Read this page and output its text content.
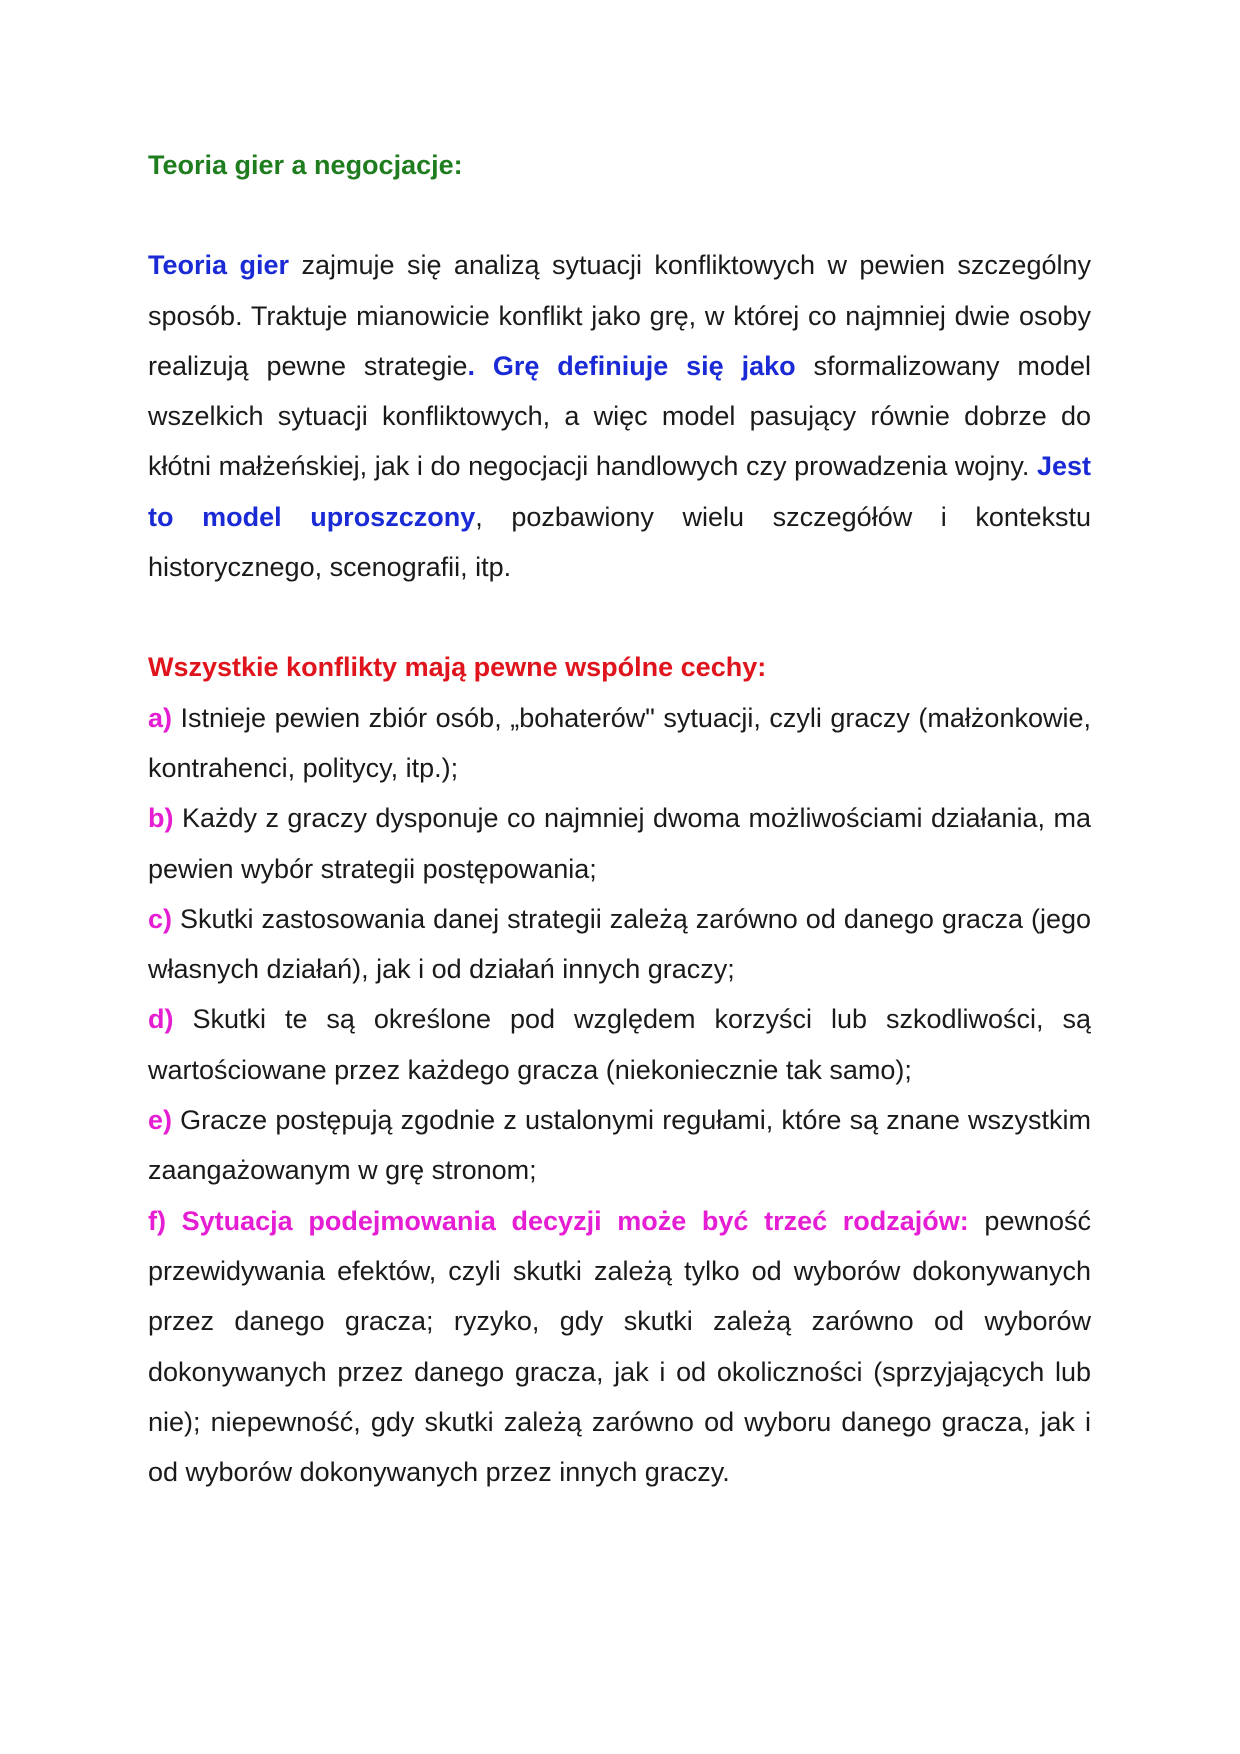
Teoria gier a negocjacje:

Teoria gier zajmuje się analizą sytuacji konfliktowych w pewien szczególny sposób. Traktuje mianowicie konflikt jako grę, w której co najmniej dwie osoby realizują pewne strategie. Grę definiuje się jako sformalizowany model wszelkich sytuacji konfliktowych, a więc model pasujący równie dobrze do kłótni małżeńskiej, jak i do negocjacji handlowych czy prowadzenia wojny. Jest to model uproszczony, pozbawiony wielu szczegółów i kontekstu historycznego, scenografii, itp.

Wszystkie konflikty mają pewne wspólne cechy:

a) Istnieje pewien zbiór osób, „bohaterów" sytuacji, czyli graczy (małżonkowie, kontrahenci, politycy, itp.);

b) Każdy z graczy dysponuje co najmniej dwoma możliwościami działania, ma pewien wybór strategii postępowania;

c) Skutki zastosowania danej strategii zależą zarówno od danego gracza (jego własnych działań), jak i od działań innych graczy;

d) Skutki te są określone pod względem korzyści lub szkodliwości, są wartościowane przez każdego gracza (niekoniecznie tak samo);

e) Gracze postępują zgodnie z ustalonymi regułami, które są znane wszystkim zaangażowanym w grę stronom;

f) Sytuacja podejmowania decyzji może być trzeć rodzajów: pewność przewidywania efektów, czyli skutki zależą tylko od wyborów dokonywanych przez danego gracza; ryzyko, gdy skutki zależą zarówno od wyborów dokonywanych przez danego gracza, jak i od okoliczności (sprzyjających lub nie); niepewność, gdy skutki zależą zarówno od wyboru danego gracza, jak i od wyborów dokonywanych przez innych graczy.
